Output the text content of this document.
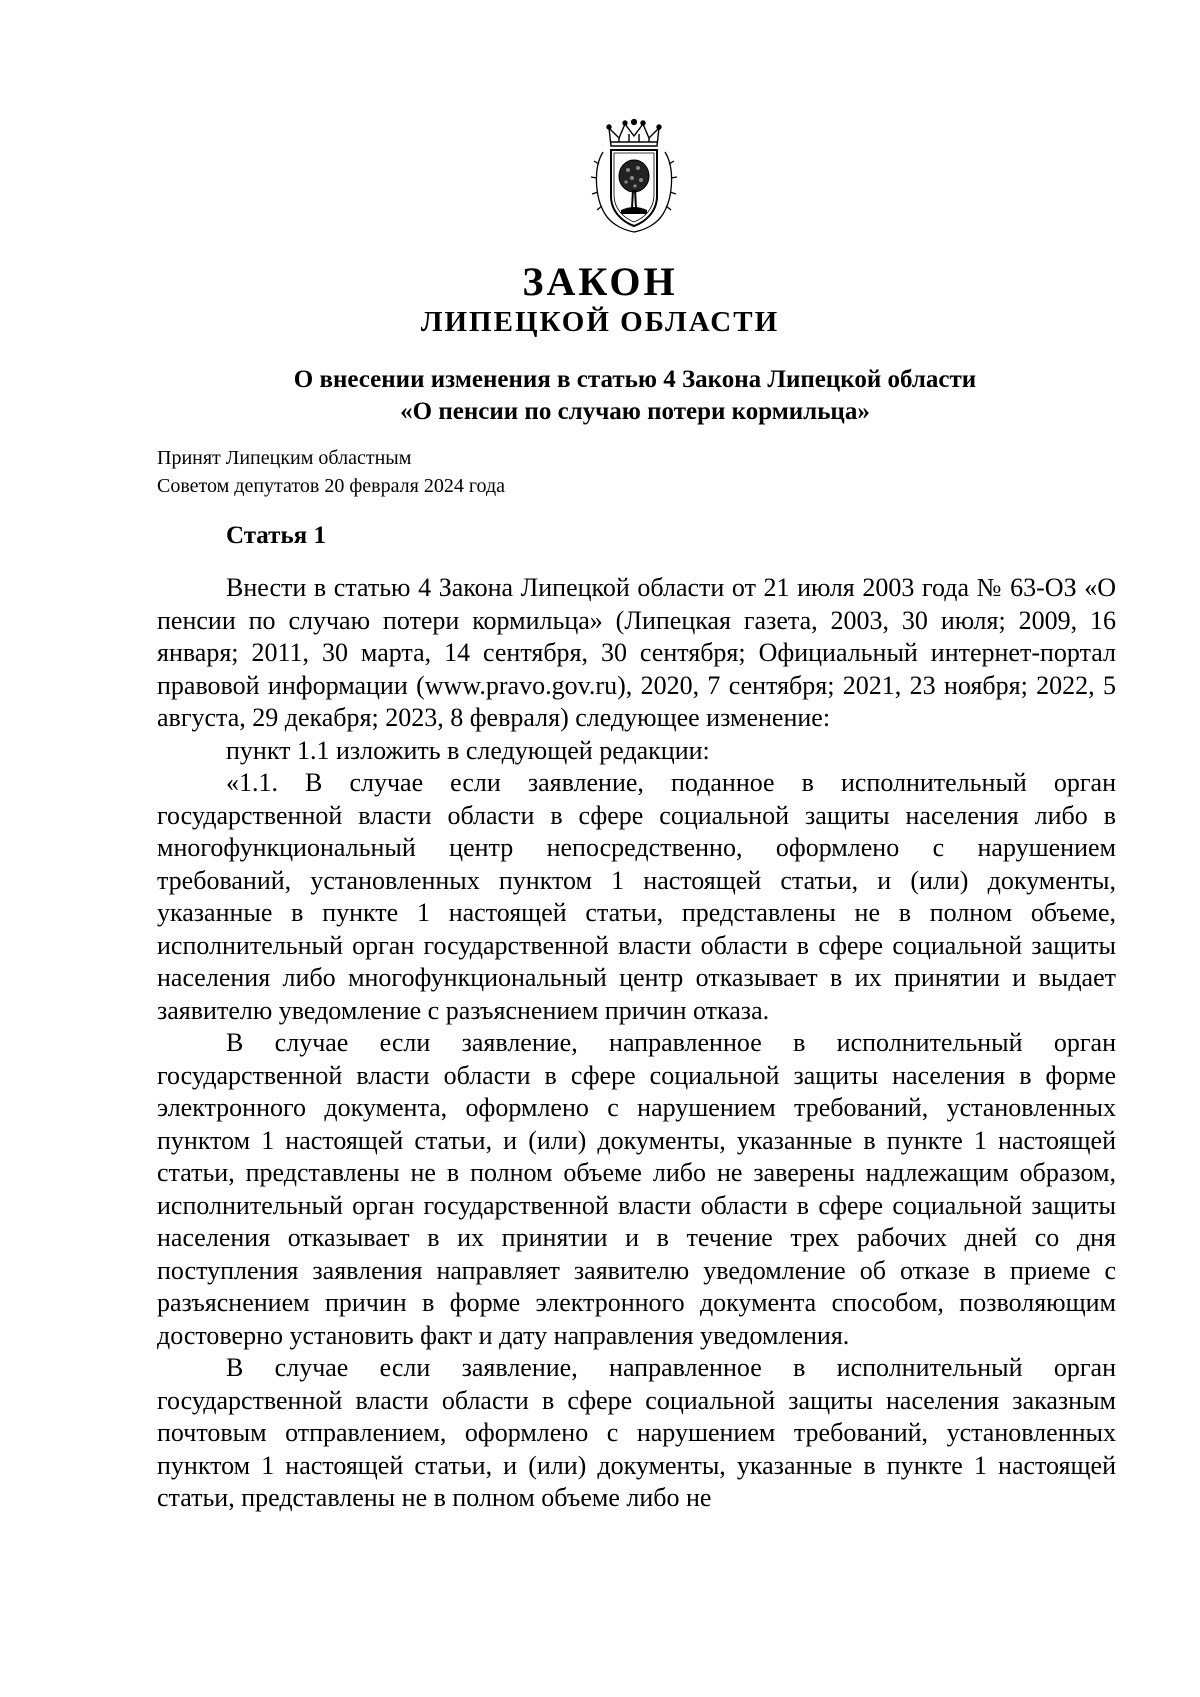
ЗАКОН
ЛИПЕЦКОЙ ОБЛАСТИ
О внесении изменения в статью 4 Закона Липецкой области
«О пенсии по случаю потери кормильца»
Принят Липецким областным
Советом депутатов 20 февраля 2024 года
Статья 1

Внести в статью 4 Закона Липецкой области от 21 июля 2003 года № 63-ОЗ «О пенсии по случаю потери кормильца» (Липецкая газета, 2003, 30 июля; 2009, 16 января; 2011, 30 марта, 14 сентября, 30 сентября; Официальный интернет-портал правовой информации (www.pravo.gov.ru), 2020, 7 сентября; 2021, 23 ноября; 2022, 5 августа, 29 декабря; 2023, 8 февраля) следующее изменение:

пункт 1.1 изложить в следующей редакции:

«1.1. В случае если заявление, поданное в исполнительный орган государственной власти области в сфере социальной защиты населения либо в многофункциональный центр непосредственно, оформлено с нарушением требований, установленных пунктом 1 настоящей статьи, и (или) документы, указанные в пункте 1 настоящей статьи, представлены не в полном объеме, исполнительный орган государственной власти области в сфере социальной защиты населения либо многофункциональный центр отказывает в их принятии и выдает заявителю уведомление с разъяснением причин отказа.

В случае если заявление, направленное в исполнительный орган государственной власти области в сфере социальной защиты населения в форме электронного документа, оформлено с нарушением требований, установленных пунктом 1 настоящей статьи, и (или) документы, указанные в пункте 1 настоящей статьи, представлены не в полном объеме либо не заверены надлежащим образом, исполнительный орган государственной власти области в сфере социальной защиты населения отказывает в их принятии и в течение трех рабочих дней со дня поступления заявления направляет заявителю уведомление об отказе в приеме с разъяснением причин в форме электронного документа способом, позволяющим достоверно установить факт и дату направления уведомления.

В случае если заявление, направленное в исполнительный орган государственной власти области в сфере социальной защиты населения заказным почтовым отправлением, оформлено с нарушением требований, установленных пунктом 1 настоящей статьи, и (или) документы, указанные в пункте 1 настоящей статьи, представлены не в полном объеме либо не
